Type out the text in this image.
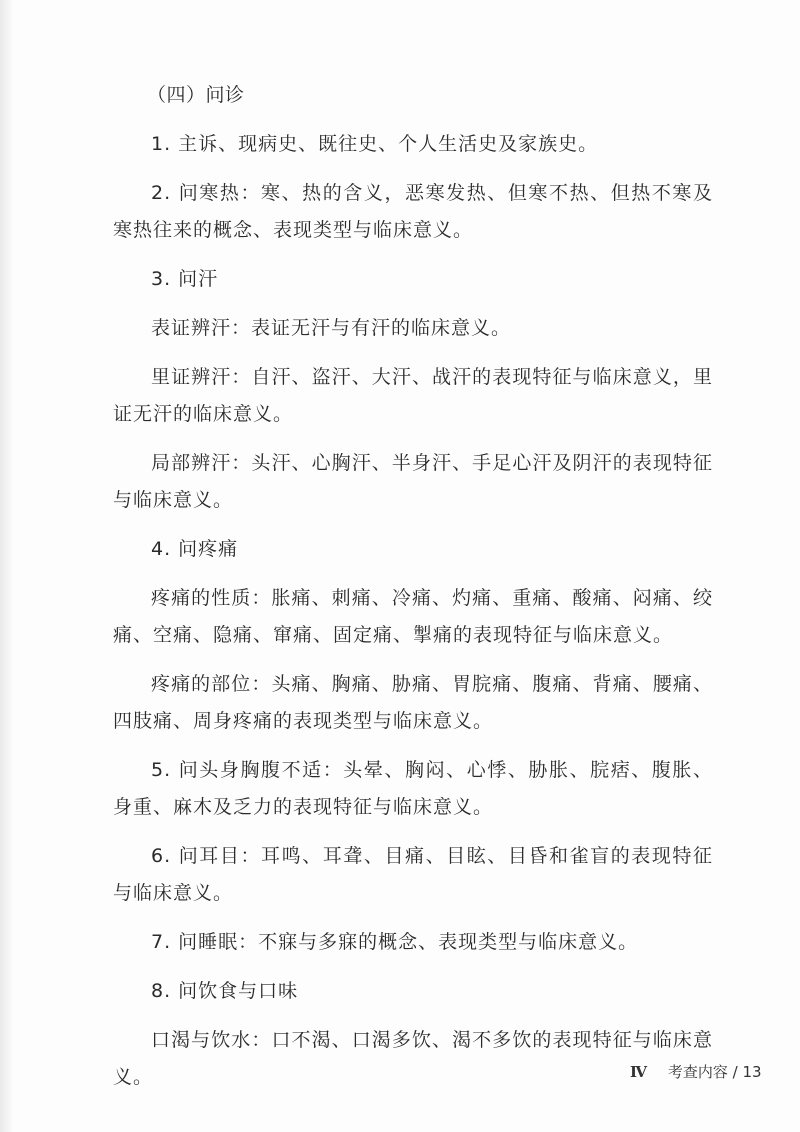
（四）问诊

1. 主诉、现病史、既往史、个人生活史及家族史。

2. 问寒热：寒、热的含义，恶寒发热、但寒不热、但热不寒及寒热往来的概念、表现类型与临床意义。

3. 问汗

表证辨汗：表证无汗与有汗的临床意义。

里证辨汗：自汗、盗汗、大汗、战汗的表现特征与临床意义，里证无汗的临床意义。

局部辨汗：头汗、心胸汗、半身汗、手足心汗及阴汗的表现特征与临床意义。

4. 问疼痛

疼痛的性质：胀痛、刺痛、冷痛、灼痛、重痛、酸痛、闷痛、绞痛、空痛、隐痛、窜痛、固定痛、掣痛的表现特征与临床意义。

疼痛的部位：头痛、胸痛、胁痛、胃脘痛、腹痛、背痛、腰痛、四肢痛、周身疼痛的表现类型与临床意义。

5. 问头身胸腹不适：头晕、胸闷、心悸、胁胀、脘痞、腹胀、身重、麻木及乏力的表现特征与临床意义。

6. 问耳目：耳鸣、耳聋、目痛、目眩、目昏和雀盲的表现特征与临床意义。

7. 问睡眠：不寐与多寐的概念、表现类型与临床意义。

8. 问饮食与口味

口渴与饮水：口不渴、口渴多饮、渴不多饮的表现特征与临床意义。	Ⅳ 考查内容 / 13
